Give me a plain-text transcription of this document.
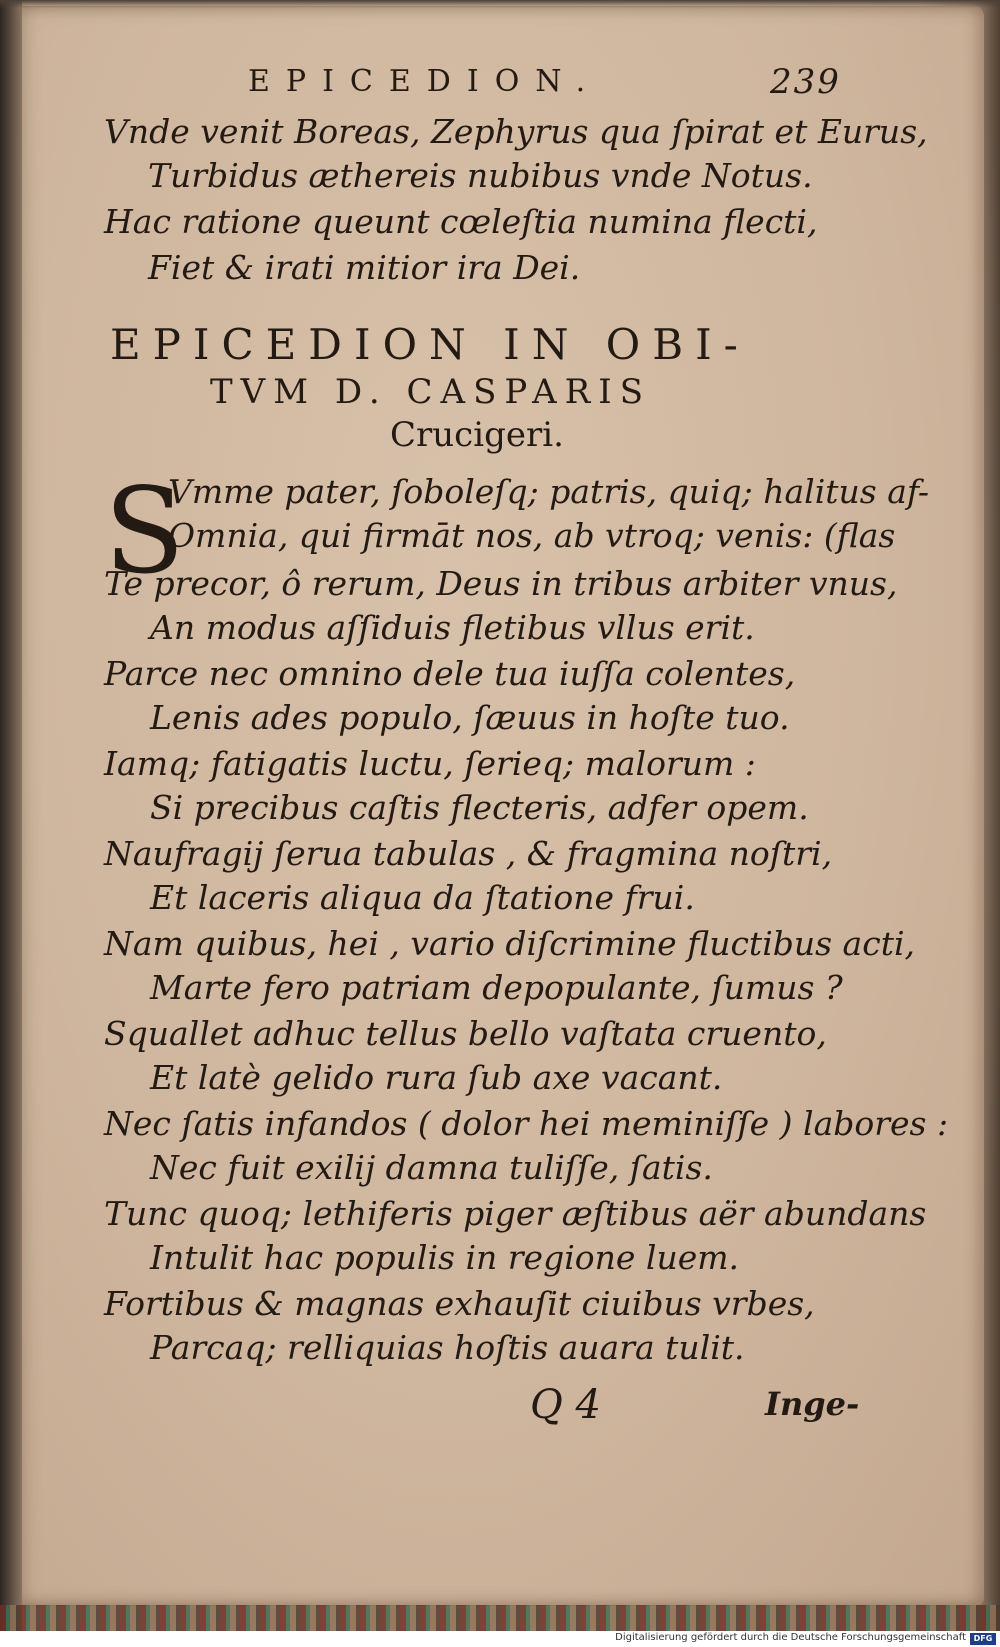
EPICEDION.	239
Vnde venit Boreas, Zephyrus qua ſpirat et Eurus,
Turbidus æthereis nubibus vnde Notus.
Hac ratione queunt cœleſtia numina flecti,
Fiet & irati mitior ira Dei.
EPICEDION IN OBI-
TVM D. CASPARIS
Crucigeri.
S
Vmme pater, ſoboleſq; patris, quiq; halitus af-
Omnia, qui firmāt nos, ab vtroq; venis: (flas
Te precor, ô rerum, Deus in tribus arbiter vnus,
An modus aſſiduis fletibus vllus erit.
Parce nec omnino dele tua iuſſa colentes,
Lenis ades populo, ſæuus in hoſte tuo.
Iamq; fatigatis luctu, ſerieq; malorum :
Si precibus caſtis flecteris, adfer opem.
Naufragij ſerua tabulas , & fragmina noſtri,
Et laceris aliqua da ſtatione frui.
Nam quibus, hei , vario diſcrimine fluctibus acti,
Marte fero patriam depopulante, ſumus ?
Squallet adhuc tellus bello vaſtata cruento,
Et latè gelido rura ſub axe vacant.
Nec ſatis infandos ( dolor hei meminiſſe ) labores :
Nec fuit exilij damna tuliſſe, ſatis.
Tunc quoq; lethiferis piger æſtibus aër abundans
Intulit hac populis in regione luem.
Fortibus & magnas exhauſit ciuibus vrbes,
Parcaq; relliquias hoſtis auara tulit.
Q 4	Inge-
Digitalisierung gefördert durch die Deutsche Forschungsgemeinschaft DFG
